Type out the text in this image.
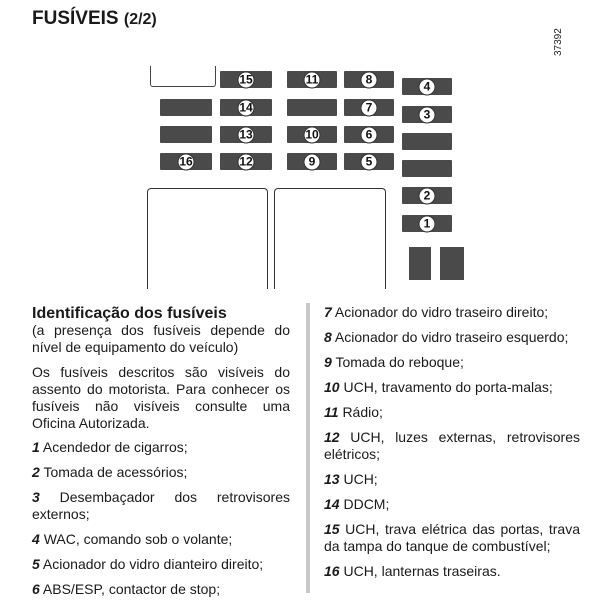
FUSÍVEIS (2/2)
37392
15	11	8	4
14	7	3
13	10	6
16	12	9	5
2
1

Identificação dos fusíveis

(a presença dos fusíveis depende do nível de equipamento do veículo)

Os fusíveis descritos são visíveis do assento do motorista. Para conhecer os fusíveis não visíveis consulte uma Oficina Autorizada.

1 Acendedor de cigarros;

2 Tomada de acessórios;

3 Desembaçador dos retrovisores externos;

4 WAC, comando sob o volante;

5 Acionador do vidro dianteiro direito;

6 ABS/ESP, contactor de stop;

7 Acionador do vidro traseiro direito;

8 Acionador do vidro traseiro esquerdo;

9 Tomada do reboque;

10 UCH, travamento do porta-malas;

11 Rádio;

12 UCH, luzes externas, retrovisores elétricos;

13 UCH;

14 DDCM;

15 UCH, trava elétrica das portas, trava da tampa do tanque de combustível;

16 UCH, lanternas traseiras.
